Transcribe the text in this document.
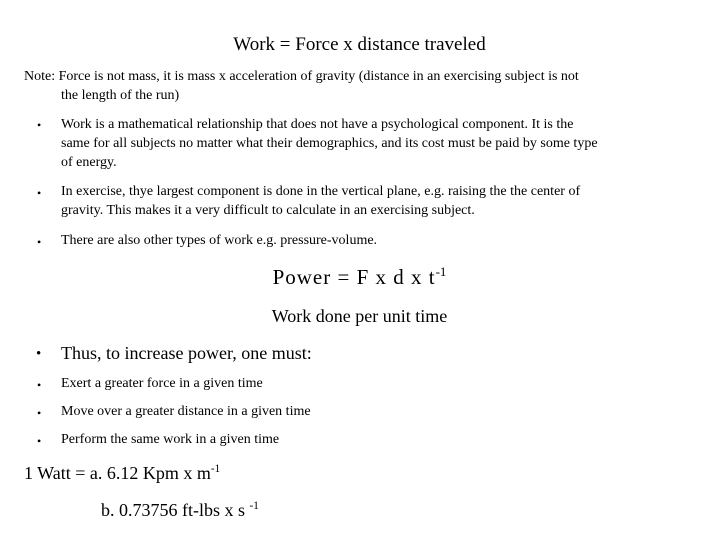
Work = Force x distance traveled
Note: Force is not mass, it is mass x acceleration of gravity (distance in an exercising subject is not
the length of the run)
• Work is a mathematical relationship that does not have a psychological component. It is the
same for all subjects no matter what their demographics, and its cost must be paid by some type
of energy.
• In exercise, thye largest component is done in the vertical plane, e.g. raising the the center of
gravity. This makes it a very difficult to calculate in an exercising subject.
• There are also other types of work e.g. pressure-volume.
Power = F x d x $t^{-1}$
Work done per unit time
• Thus, to increase power, one must:
• Exert a greater force in a given time
• Move over a greater distance in a given time
• Perform the same work in a given time
1 Watt = a. 6.12 Kpm x $m^{-1}$
b. 0.73756 ft-lbs x s $^{-1}$
